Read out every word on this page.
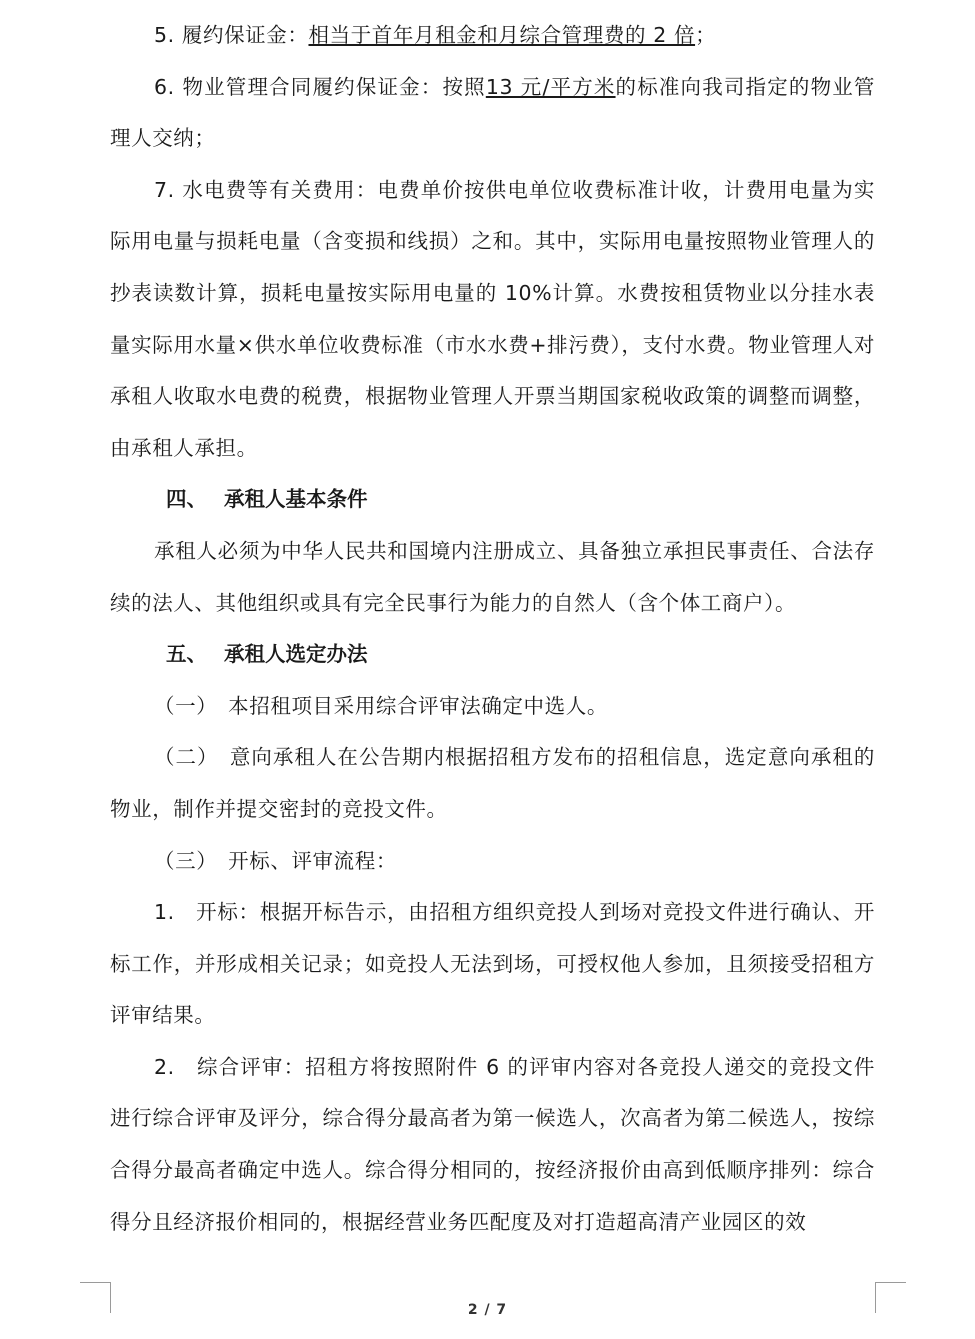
5. 履约保证金：相当于首年月租金和月综合管理费的 2 倍；

6. 物业管理合同履约保证金：按照13 元/平方米的标准向我司指定的物业管理人交纳；

7. 水电费等有关费用：电费单价按供电单位收费标准计收，计费用电量为实际用电量与损耗电量（含变损和线损）之和。其中，实际用电量按照物业管理人的抄表读数计算，损耗电量按实际用电量的 10%计算。水费按租赁物业以分挂水表量实际用水量×供水单位收费标准（市水水费+排污费），支付水费。物业管理人对承租人收取水电费的税费，根据物业管理人开票当期国家税收政策的调整而调整，由承租人承担。

四、 承租人基本条件

承租人必须为中华人民共和国境内注册成立、具备独立承担民事责任、合法存续的法人、其他组织或具有完全民事行为能力的自然人（含个体工商户）。

五、 承租人选定办法

（一）　本招租项目采用综合评审法确定中选人。

（二）　意向承租人在公告期内根据招租方发布的招租信息，选定意向承租的物业，制作并提交密封的竞投文件。

（三）　开标、评审流程：

1.　开标：根据开标告示，由招租方组织竞投人到场对竞投文件进行确认、开标工作，并形成相关记录；如竞投人无法到场，可授权他人参加，且须接受招租方评审结果。

2.　综合评审：招租方将按照附件 6 的评审内容对各竞投人递交的竞投文件进行综合评审及评分，综合得分最高者为第一候选人，次高者为第二候选人，按综合得分最高者确定中选人。综合得分相同的，按经济报价由高到低顺序排列：综合得分且经济报价相同的，根据经营业务匹配度及对打造超高清产业园区的效

2 / 7
